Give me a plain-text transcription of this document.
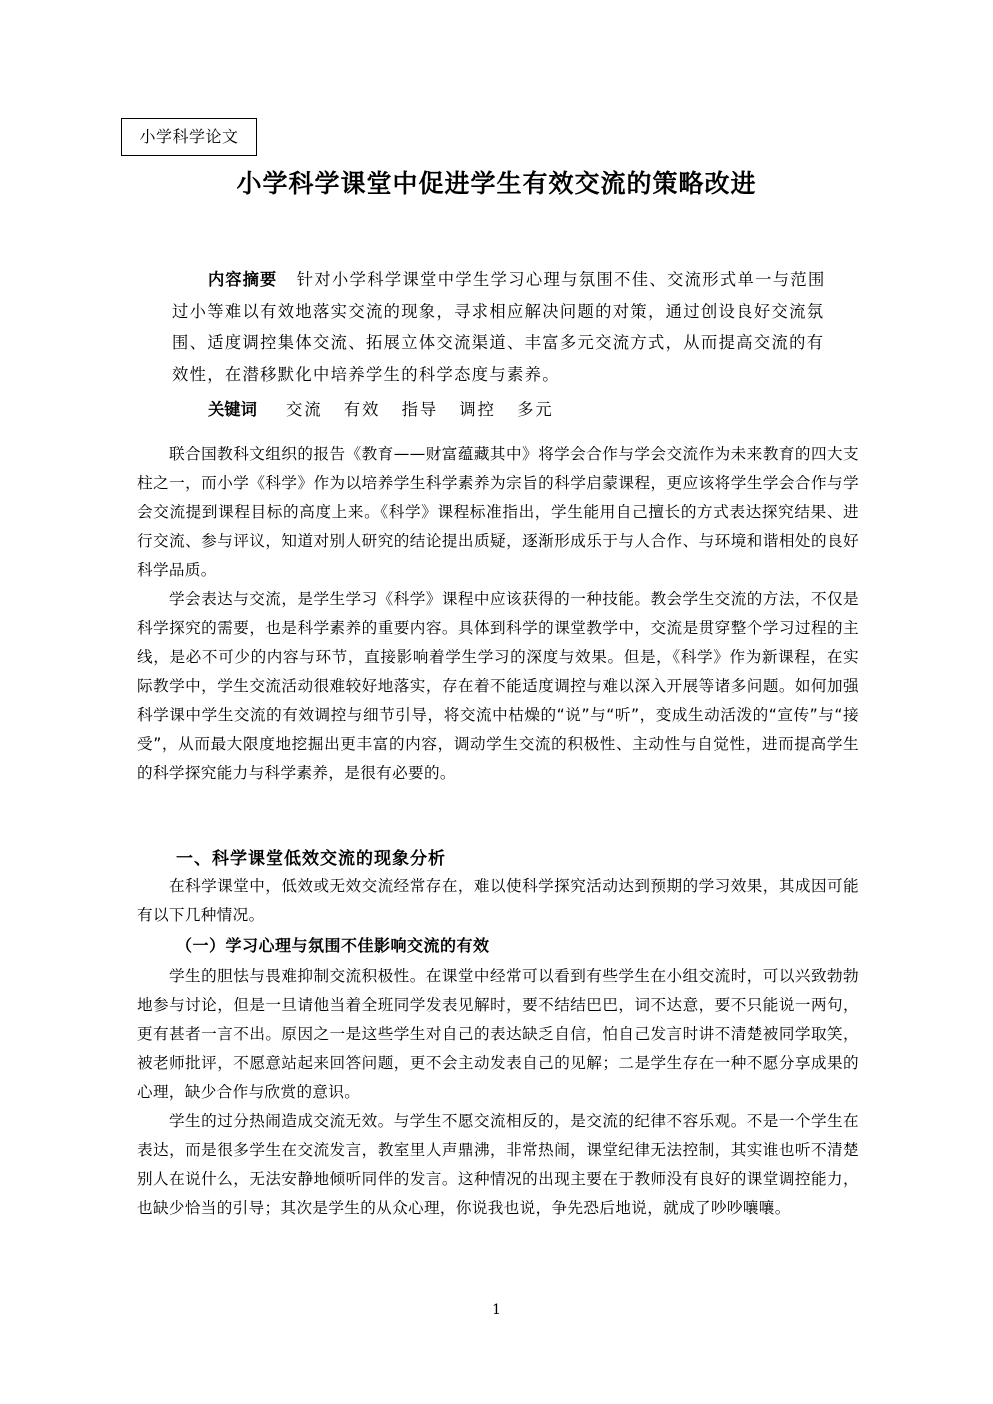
小学科学论文
小学科学课堂中促进学生有效交流的策略改进
内容摘要 针对小学科学课堂中学生学习心理与氛围不佳、交流形式单一与范围
过小等难以有效地落实交流的现象，寻求相应解决问题的对策，通过创设良好交流氛
围、适度调控集体交流、拓展立体交流渠道、丰富多元交流方式，从而提高交流的有
效性，在潜移默化中培养学生的科学态度与素养。
关键词 交流 有效 指导 调控 多元

联合国教科文组织的报告《教育——财富蕴藏其中》将学会合作与学会交流作为未来教育的四大支柱之一，而小学《科学》作为以培养学生科学素养为宗旨的科学启蒙课程，更应该将学生学会合作与学会交流提到课程目标的高度上来。《科学》课程标准指出，学生能用自己擅长的方式表达探究结果、进行交流、参与评议，知道对别人研究的结论提出质疑，逐渐形成乐于与人合作、与环境和谐相处的良好科学品质。

学会表达与交流，是学生学习《科学》课程中应该获得的一种技能。教会学生交流的方法，不仅是科学探究的需要，也是科学素养的重要内容。具体到科学的课堂教学中，交流是贯穿整个学习过程的主线，是必不可少的内容与环节，直接影响着学生学习的深度与效果。但是，《科学》作为新课程，在实际教学中，学生交流活动很难较好地落实，存在着不能适度调控与难以深入开展等诸多问题。如何加强科学课中学生交流的有效调控与细节引导，将交流中枯燥的“说”与“听”，变成生动活泼的“宣传”与“接受”，从而最大限度地挖掘出更丰富的内容，调动学生交流的积极性、主动性与自觉性，进而提高学生的科学探究能力与科学素养，是很有必要的。

一、科学课堂低效交流的现象分析

在科学课堂中，低效或无效交流经常存在，难以使科学探究活动达到预期的学习效果，其成因可能有以下几种情况。

（一）学习心理与氛围不佳影响交流的有效

学生的胆怯与畏难抑制交流积极性。在课堂中经常可以看到有些学生在小组交流时，可以兴致勃勃地参与讨论，但是一旦请他当着全班同学发表见解时，要不结结巴巴，词不达意，要不只能说一两句，更有甚者一言不出。原因之一是这些学生对自己的表达缺乏自信，怕自己发言时讲不清楚被同学取笑，被老师批评，不愿意站起来回答问题，更不会主动发表自己的见解；二是学生存在一种不愿分享成果的心理，缺少合作与欣赏的意识。

学生的过分热闹造成交流无效。与学生不愿交流相反的，是交流的纪律不容乐观。不是一个学生在表达，而是很多学生在交流发言，教室里人声鼎沸，非常热闹，课堂纪律无法控制，其实谁也听不清楚别人在说什么，无法安静地倾听同伴的发言。这种情况的出现主要在于教师没有良好的课堂调控能力，也缺少恰当的引导；其次是学生的从众心理，你说我也说，争先恐后地说，就成了吵吵嚷嚷。

1
